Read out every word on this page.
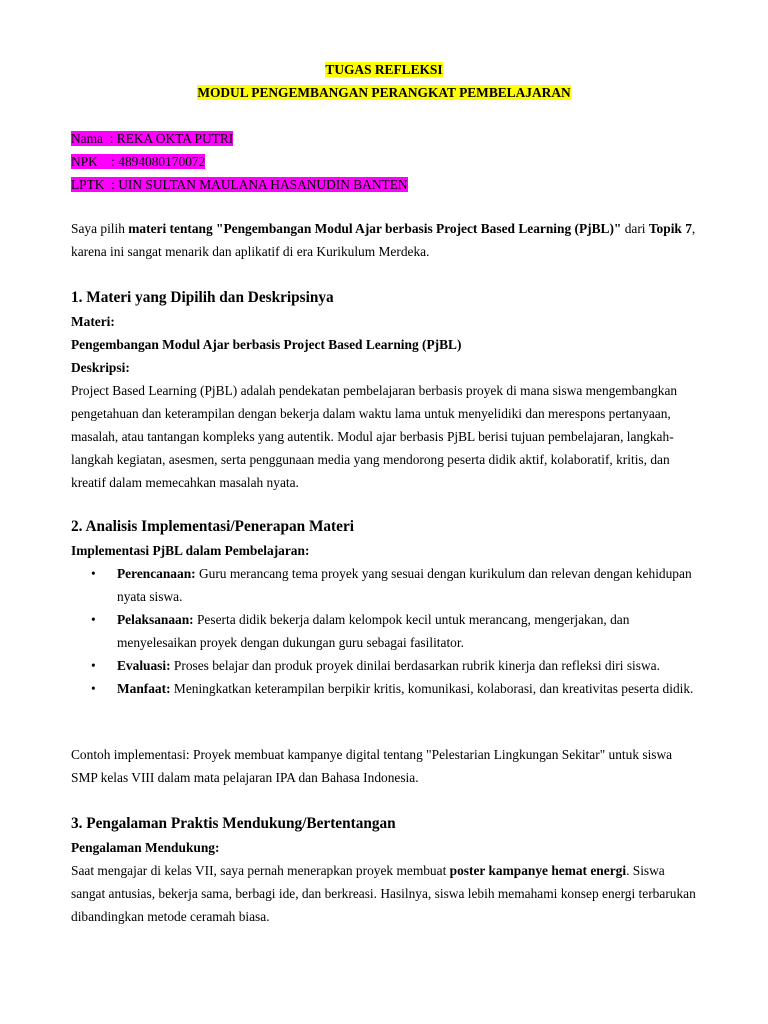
TUGAS REFLEKSI
MODUL PENGEMBANGAN PERANGKAT PEMBELAJARAN
Nama  : REKA OKTA PUTRI
NPK    : 4894080170072
LPTK  : UIN SULTAN MAULANA HASANUDIN BANTEN
Saya pilih materi tentang "Pengembangan Modul Ajar berbasis Project Based Learning (PjBL)" dari Topik 7, karena ini sangat menarik dan aplikatif di era Kurikulum Merdeka.
1. Materi yang Dipilih dan Deskripsinya
Materi:
Pengembangan Modul Ajar berbasis Project Based Learning (PjBL)
Deskripsi:
Project Based Learning (PjBL) adalah pendekatan pembelajaran berbasis proyek di mana siswa mengembangkan pengetahuan dan keterampilan dengan bekerja dalam waktu lama untuk menyelidiki dan merespons pertanyaan, masalah, atau tantangan kompleks yang autentik. Modul ajar berbasis PjBL berisi tujuan pembelajaran, langkah-langkah kegiatan, asesmen, serta penggunaan media yang mendorong peserta didik aktif, kolaboratif, kritis, dan kreatif dalam memecahkan masalah nyata.
2. Analisis Implementasi/Penerapan Materi
Implementasi PjBL dalam Pembelajaran:
• Perencanaan: Guru merancang tema proyek yang sesuai dengan kurikulum dan relevan dengan kehidupan nyata siswa.
• Pelaksanaan: Peserta didik bekerja dalam kelompok kecil untuk merancang, mengerjakan, dan menyelesaikan proyek dengan dukungan guru sebagai fasilitator.
• Evaluasi: Proses belajar dan produk proyek dinilai berdasarkan rubrik kinerja dan refleksi diri siswa.
• Manfaat: Meningkatkan keterampilan berpikir kritis, komunikasi, kolaborasi, dan kreativitas peserta didik.
Contoh implementasi: Proyek membuat kampanye digital tentang "Pelestarian Lingkungan Sekitar" untuk siswa SMP kelas VIII dalam mata pelajaran IPA dan Bahasa Indonesia.
3. Pengalaman Praktis Mendukung/Bertentangan
Pengalaman Mendukung:
Saat mengajar di kelas VII, saya pernah menerapkan proyek membuat poster kampanye hemat energi. Siswa sangat antusias, bekerja sama, berbagi ide, dan berkreasi. Hasilnya, siswa lebih memahami konsep energi terbarukan dibandingkan metode ceramah biasa.
